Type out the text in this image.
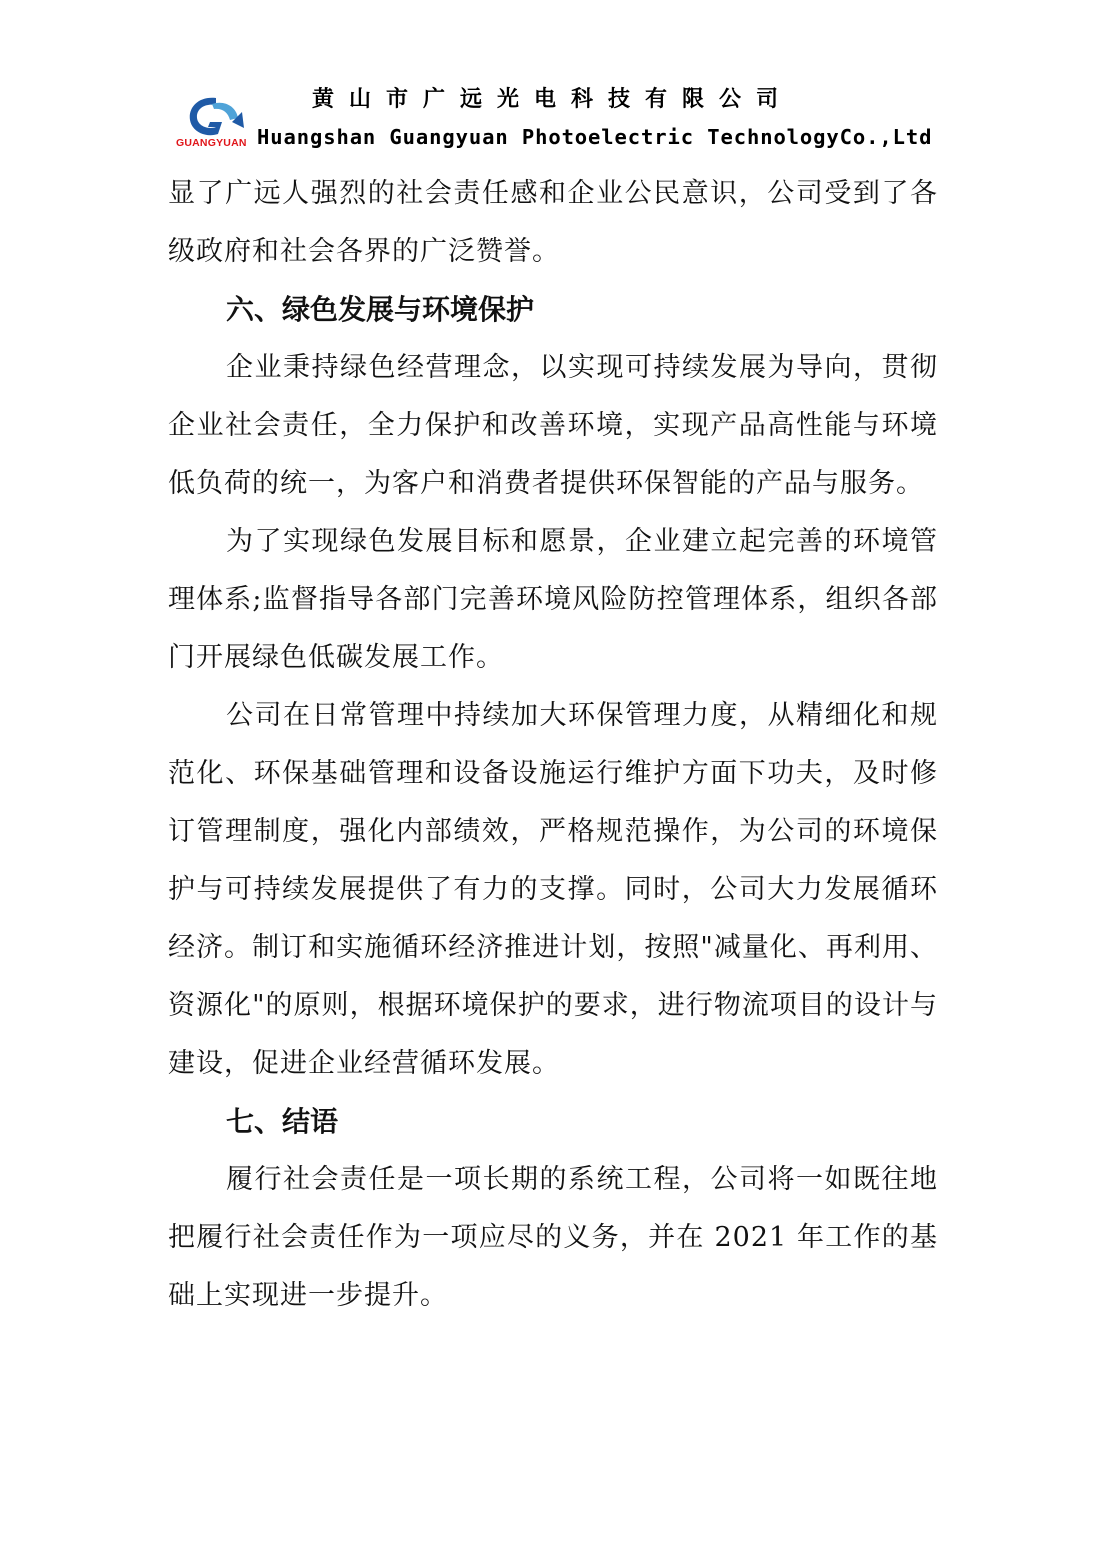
黄山市广远光电科技有限公司
GUANGYUAN Huangshan Guangyuan Photoelectric TechnologyCo.,Ltd

显了广远人强烈的社会责任感和企业公民意识，公司受到了各级政府和社会各界的广泛赞誉。

六、绿色发展与环境保护

企业秉持绿色经营理念，以实现可持续发展为导向，贯彻企业社会责任，全力保护和改善环境，实现产品高性能与环境低负荷的统一，为客户和消费者提供环保智能的产品与服务。

为了实现绿色发展目标和愿景，企业建立起完善的环境管理体系;监督指导各部门完善环境风险防控管理体系，组织各部门开展绿色低碳发展工作。

公司在日常管理中持续加大环保管理力度，从精细化和规范化、环保基础管理和设备设施运行维护方面下功夫，及时修订管理制度，强化内部绩效，严格规范操作，为公司的环境保护与可持续发展提供了有力的支撑。同时，公司大力发展循环经济。制订和实施循环经济推进计划，按照"减量化、再利用、资源化"的原则，根据环境保护的要求，进行物流项目的设计与建设，促进企业经营循环发展。

七、结语

履行社会责任是一项长期的系统工程，公司将一如既往地把履行社会责任作为一项应尽的义务，并在 2021 年工作的基础上实现进一步提升。
